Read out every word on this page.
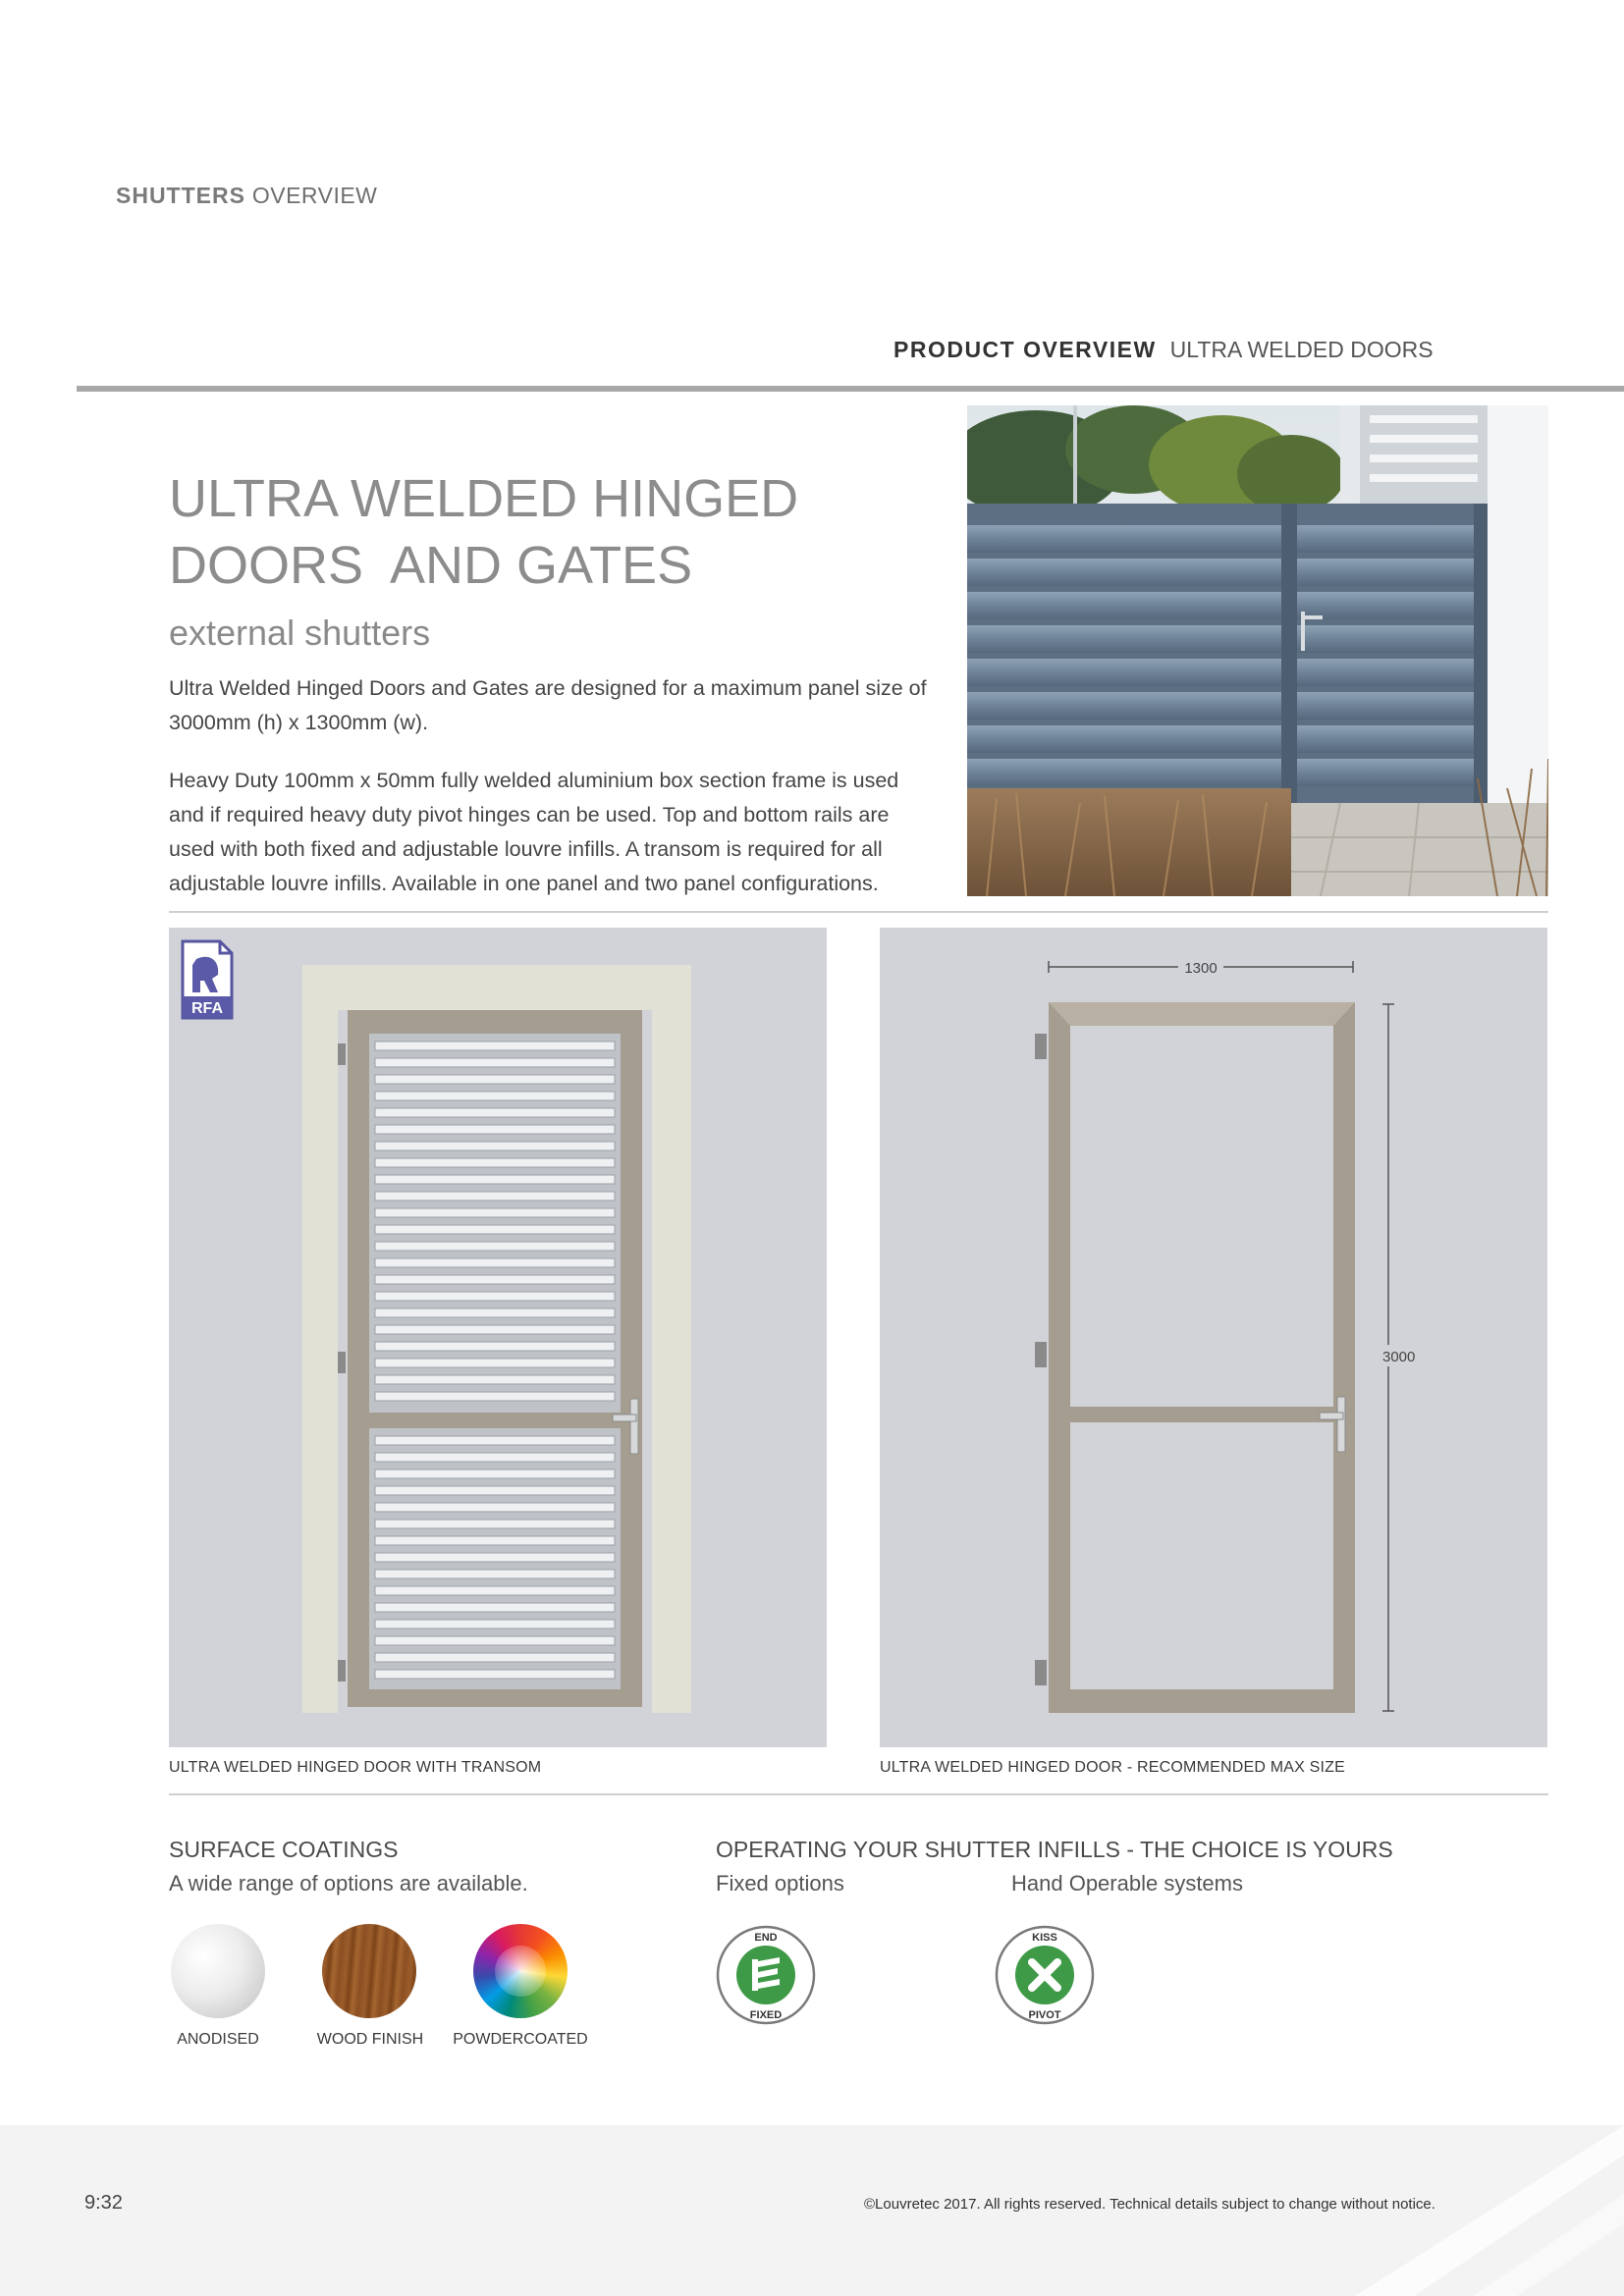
SHUTTERS OVERVIEW
PRODUCT OVERVIEW ULTRA WELDED DOORS
ULTRA WELDED HINGED
DOORS  AND GATES
external shutters

Ultra Welded Hinged Doors and Gates are designed for a maximum panel size of 3000mm (h) x 1300mm (w).

Heavy Duty 100mm x 50mm fully welded aluminium box section frame is used and if required heavy duty pivot hinges can be used. Top and bottom rails are used with both fixed and adjustable louvre infills. A transom is required for all adjustable louvre infills. Available in one panel and two panel configurations.

RFA
1300
3000
ULTRA WELDED HINGED DOOR WITH TRANSOM	ULTRA WELDED HINGED DOOR - RECOMMENDED MAX SIZE
SURFACE COATINGS
A wide range of options are available.
ANODISED	WOOD FINISH	POWDERCOATED
OPERATING YOUR SHUTTER INFILLS - THE CHOICE IS YOURS
Fixed options	Hand Operable systems
END
FIXED
KISS
PIVOT
9:32	©Louvretec 2017. All rights reserved. Technical details subject to change without notice.
